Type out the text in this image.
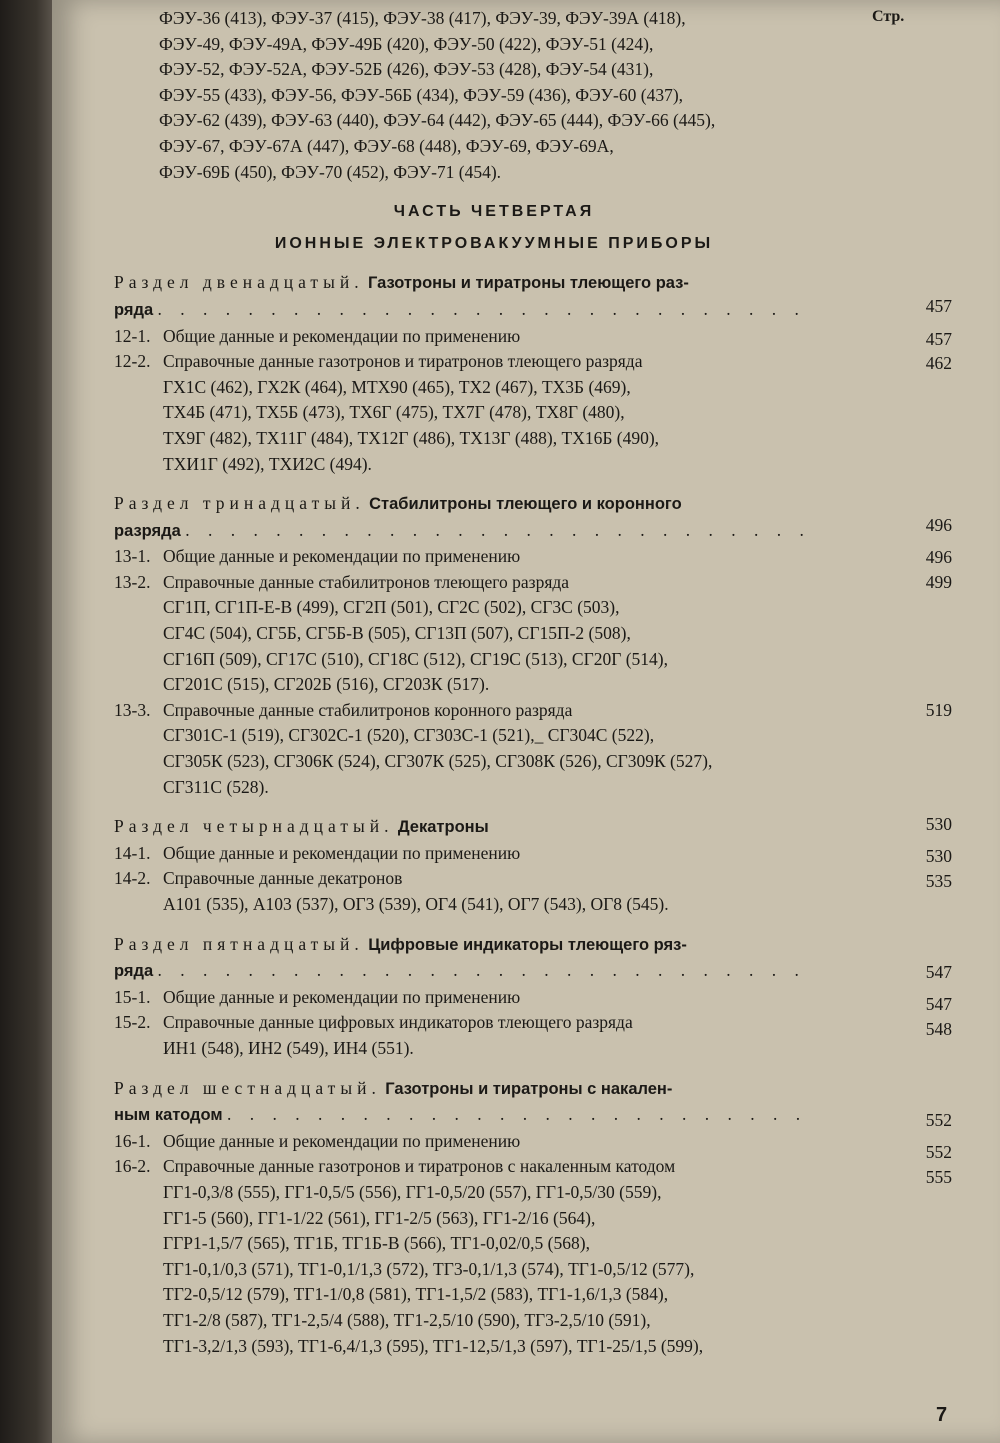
Стр.
ФЭУ-36 (413), ФЭУ-37 (415), ФЭУ-38 (417), ФЭУ-39, ФЭУ-39А (418),
ФЭУ-49, ФЭУ-49А, ФЭУ-49Б (420), ФЭУ-50 (422), ФЭУ-51 (424),
ФЭУ-52, ФЭУ-52А, ФЭУ-52Б (426), ФЭУ-53 (428), ФЭУ-54 (431),
ФЭУ-55 (433), ФЭУ-56, ФЭУ-56Б (434), ФЭУ-59 (436), ФЭУ-60 (437),
ФЭУ-62 (439), ФЭУ-63 (440), ФЭУ-64 (442), ФЭУ-65 (444), ФЭУ-66 (445),
ФЭУ-67, ФЭУ-67А (447), ФЭУ-68 (448), ФЭУ-69, ФЭУ-69А,
ФЭУ-69Б (450), ФЭУ-70 (452), ФЭУ-71 (454).
ЧАСТЬ ЧЕТВЕРТАЯ
ИОННЫЕ ЭЛЕКТРОВАКУУМНЫЕ ПРИБОРЫ
Раздел двенадцатый. Газотроны и тиратроны тлеющего раз-
ряда . . . . . . . . . . . . . . . . . . . . . . . . . . . . .
12-1. Общие данные и рекомендации по применению
12-2. Справочные данные газотронов и тиратронов тлеющего разряда
ГХ1С (462), ГХ2К (464), МТХ90 (465), ТХ2 (467), ТХ3Б (469),
ТХ4Б (471), ТХ5Б (473), ТХ6Г (475), ТХ7Г (478), ТХ8Г (480),
ТХ9Г (482), ТХ11Г (484), ТХ12Г (486), ТХ13Г (488), ТХ16Б (490),
ТХИ1Г (492), ТХИ2С (494).
Раздел тринадцатый. Стабилитроны тлеющего и коронного
разряда . . . . . . . . . . . . . . . . . . . . . . . . . . . .
13-1. Общие данные и рекомендации по применению
13-2. Справочные данные стабилитронов тлеющего разряда
СГ1П, СГ1П-Е-В (499), СГ2П (501), СГ2С (502), СГ3С (503),
СГ4С (504), СГ5Б, СГ5Б-В (505), СГ13П (507), СГ15П-2 (508),
СГ16П (509), СГ17С (510), СГ18С (512), СГ19С (513), СГ20Г (514),
СГ201С (515), СГ202Б (516), СГ203К (517).
13-3. Справочные данные стабилитронов коронного разряда
СГ301С-1 (519), СГ302С-1 (520), СГ303С-1 (521),_ СГ304С (522),
СГ305К (523), СГ306К (524), СГ307К (525), СГ308К (526), СГ309К (527),
СГ311С (528).
Раздел четырнадцатый. Декатроны
14-1. Общие данные и рекомендации по применению
14-2. Справочные данные декатронов
А101 (535), А103 (537), ОГ3 (539), ОГ4 (541), ОГ7 (543), ОГ8 (545).
Раздел пятнадцатый. Цифровые индикаторы тлеющего ряз-
ряда . . . . . . . . . . . . . . . . . . . . . . . . . . . . .
15-1. Общие данные и рекомендации по применению
15-2. Справочные данные цифровых индикаторов тлеющего разряда
ИН1 (548), ИН2 (549), ИН4 (551).
Раздел шестнадцатый. Газотроны и тиратроны с накален-
ным катодом . . . . . . . . . . . . . . . . . . . . . . . . . .
16-1. Общие данные и рекомендации по применению
16-2. Справочные данные газотронов и тиратронов с накаленным катодом
ГГ1-0,3/8 (555), ГГ1-0,5/5 (556), ГГ1-0,5/20 (557), ГГ1-0,5/30 (559),
ГГ1-5 (560), ГГ1-1/22 (561), ГГ1-2/5 (563), ГГ1-2/16 (564),
ГГР1-1,5/7 (565), ТГ1Б, ТГ1Б-В (566), ТГ1-0,02/0,5 (568),
ТГ1-0,1/0,3 (571), ТГ1-0,1/1,3 (572), ТГ3-0,1/1,3 (574), ТГ1-0,5/12 (577),
ТГ2-0,5/12 (579), ТГ1-1/0,8 (581), ТГ1-1,5/2 (583), ТГ1-1,6/1,3 (584),
ТГ1-2/8 (587), ТГ1-2,5/4 (588), ТГ1-2,5/10 (590), ТГ3-2,5/10 (591),
ТГ1-3,2/1,3 (593), ТГ1-6,4/1,3 (595), ТГ1-12,5/1,3 (597), ТГ1-25/1,5 (599),
457
457
462
496
496
499
519
530
530
535
547
547
548
552
552
555
7
